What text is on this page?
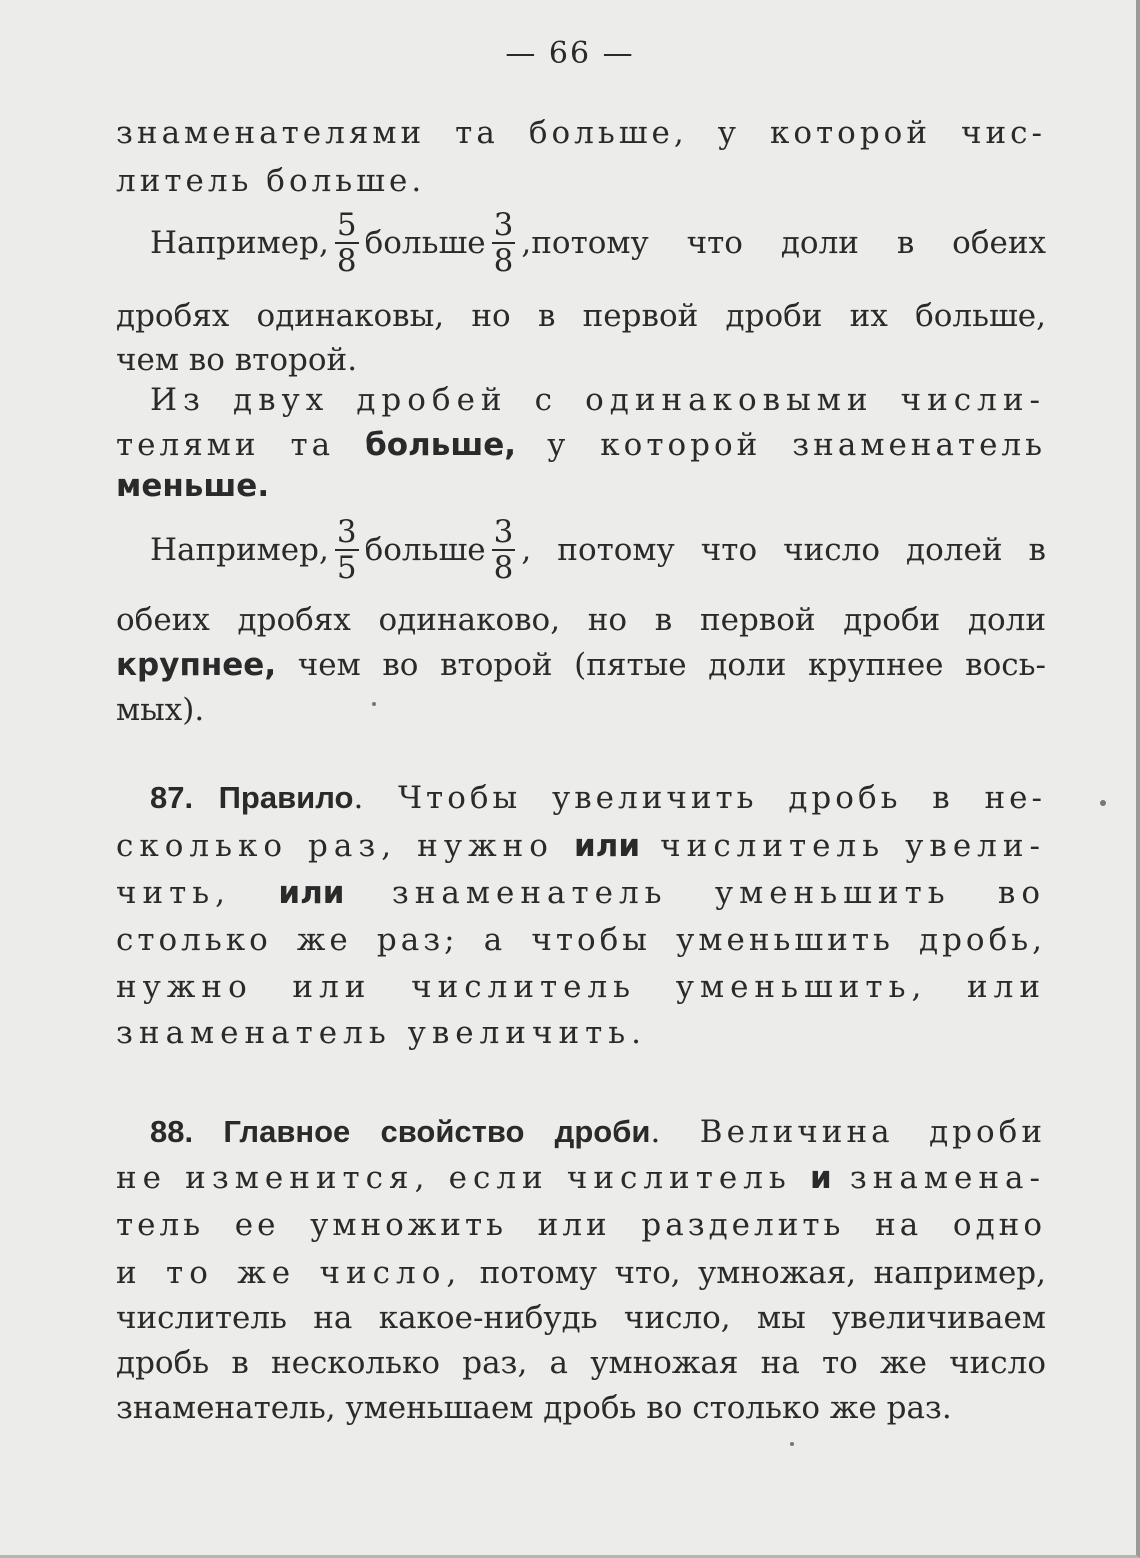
— 66 —
знаменателями та больше, у которой чис-
литель больше.
Например, $\frac{5}{8}$ больше $\frac{3}{8}$ ,потому что доли в обеих
дробях одинаковы, но в первой дроби их больше,
чем во второй.
Из двух дробей с одинаковыми числи-
телями та больше, у которой знаменатель
меньше.
Например, $\frac{3}{5}$ больше $\frac{3}{8}$ , потому что число долей в
обеих дробях одинаково, но в первой дроби доли
крупнее, чем во второй (пятые доли крупнее вось-
мых).
87. Правило. Чтобы увеличить дробь в не-
сколько раз, нужно или числитель увели-
чить, или знаменатель уменьшить во
столько же раз; а чтобы уменьшить дробь,
нужно или числитель уменьшить, или
знаменатель увеличить.
88. Главное свойство дроби. Величина дроби
не изменится, если числитель и знамена-
тель ее умножить или разделить на одно
и то же число, потому что, умножая, например,
числитель на какое-нибудь число, мы увеличиваем
дробь в несколько раз, а умножая на то же число
знаменатель, уменьшаем дробь во столько же раз.
